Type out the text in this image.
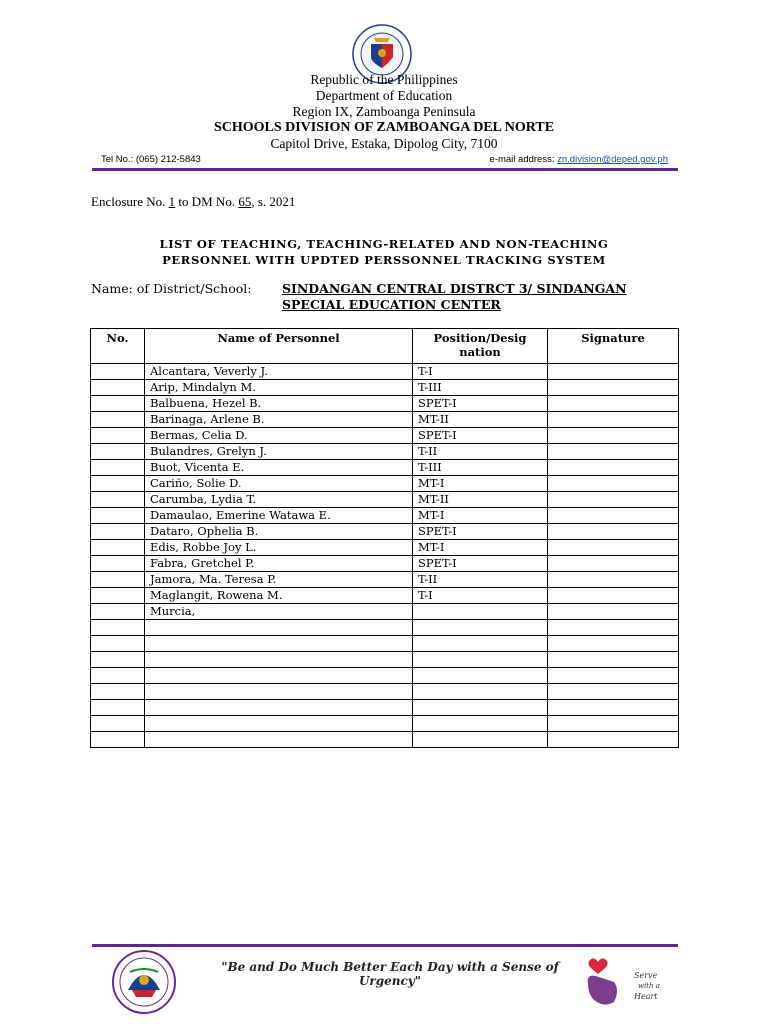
Republic of the Philippines
Department of Education
Region IX, Zamboanga Peninsula
SCHOOLS DIVISION OF ZAMBOANGA DEL NORTE
Capitol Drive, Estaka, Dipolog City, 7100
Tel No.: (065) 212-5843	e-mail address: zn.division@deped.gov.ph
Enclosure No. 1 to DM No. 65, s. 2021
LIST OF TEACHING, TEACHING-RELATED AND NON-TEACHING
PERSONNEL WITH UPDTED PERSSONNEL TRACKING SYSTEM
Name: of District/School: SINDANGAN CENTRAL DISTRCT 3/ SINDANGAN
SPECIAL EDUCATION CENTER
No.	Name of Personnel	Position/Desig nation	Signature
	Alcantara, Veverly J.	T-I	
	Arip, Mindalyn M.	T-III	
	Balbuena, Hezel B.	SPET-I	
	Barinaga, Arlene B.	MT-II	
	Bermas, Celia D.	SPET-I	
	Bulandres, Grelyn J.	T-II	
	Buot, Vicenta E.	T-III	
	Cariño, Solie D.	MT-I	
	Carumba, Lydia T.	MT-II	
	Damaulao, Emerine Watawa E.	MT-I	
	Dataro, Ophelia B.	SPET-I	
	Edis, Robbe Joy L.	MT-I	
	Fabra, Gretchel P.	SPET-I	
	Jamora, Ma. Teresa P.	T-II	
	Maglangit, Rowena M.	T-I	
	Murcia,		

"Be and Do Much Better Each Day with a Sense of Urgency"	Serve
with a
Heart
